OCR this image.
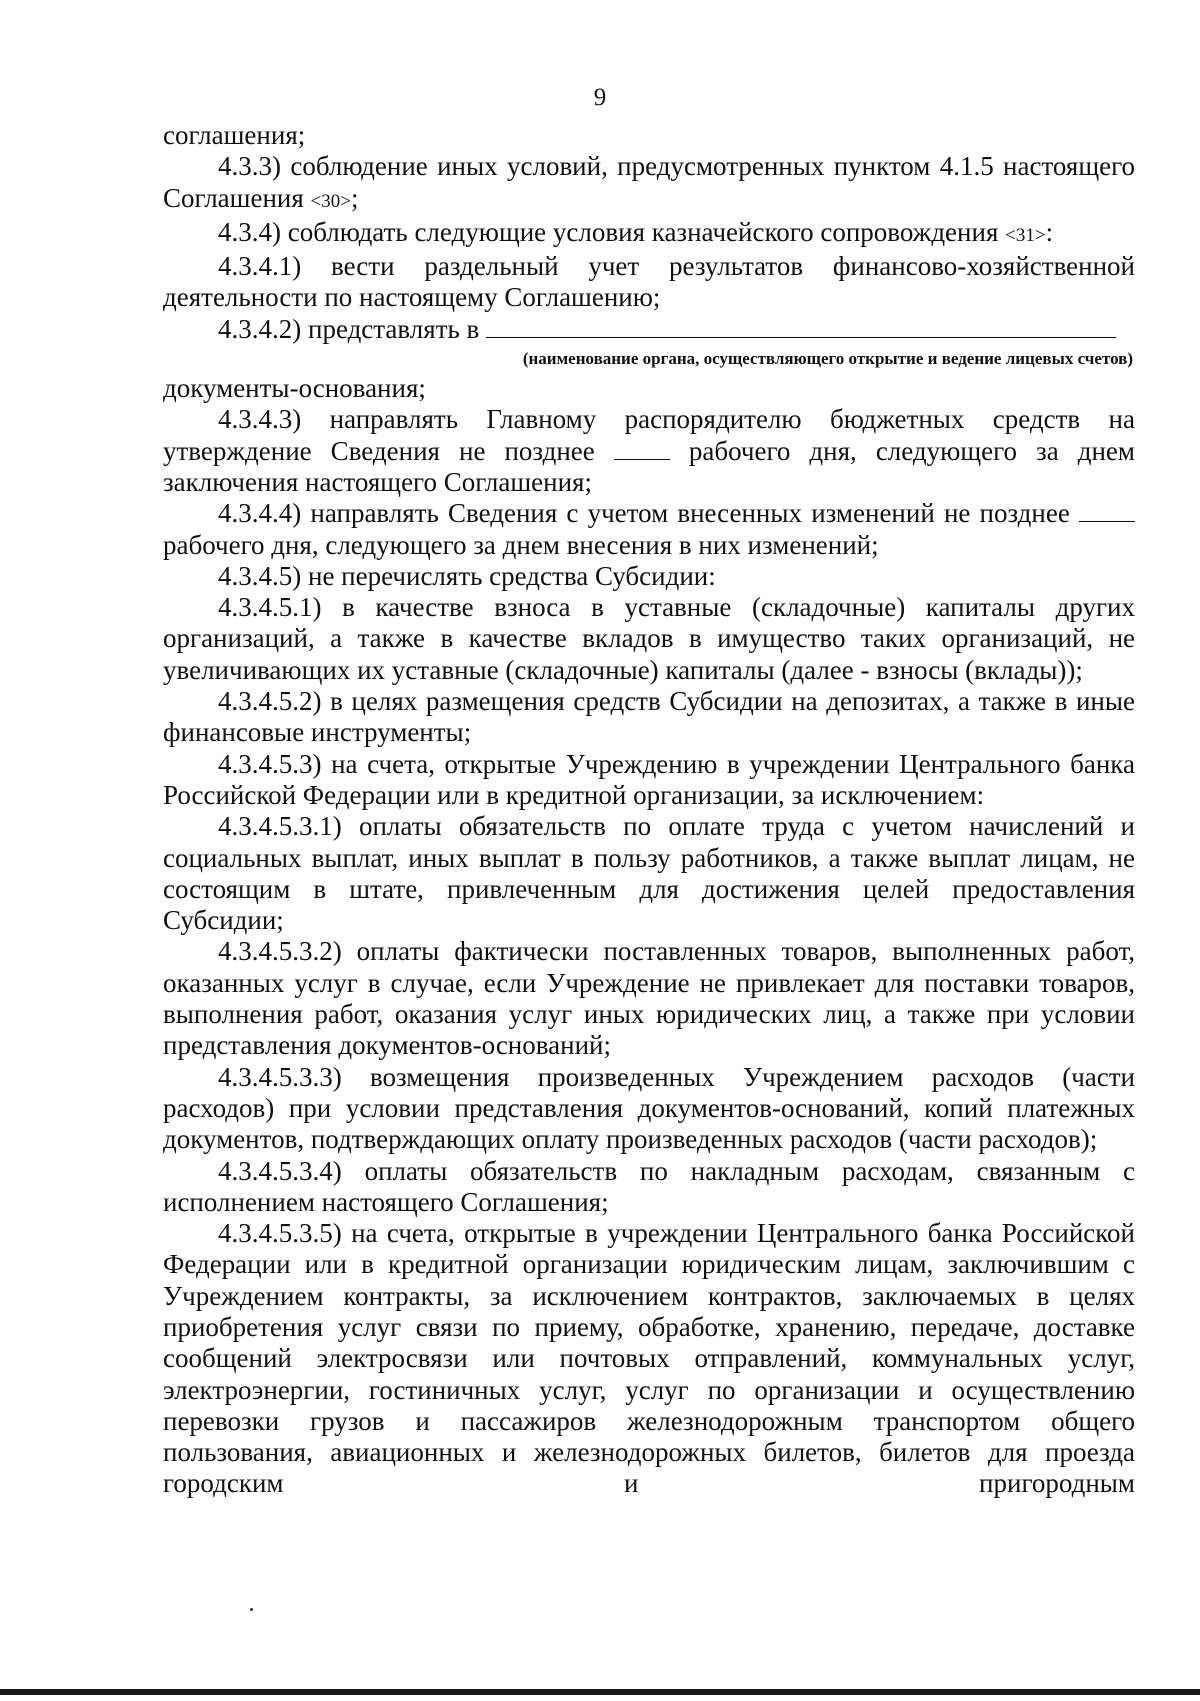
9

соглашения;

4.3.3) соблюдение иных условий, предусмотренных пунктом 4.1.5 настоящего Соглашения <30>;

4.3.4) соблюдать следующие условия казначейского сопровождения <31>:

4.3.4.1) вести раздельный учет результатов финансово-хозяйственной деятельности по настоящему Соглашению;

4.3.4.2) представлять в

(наименование органа, осуществляющего открытие и ведение лицевых счетов)

документы-основания;

4.3.4.3) направлять Главному распорядителю бюджетных средств на утверждение Сведения не позднее  рабочего дня, следующего за днем заключения настоящего Соглашения;

4.3.4.4) направлять Сведения с учетом внесенных изменений не позднее  рабочего дня, следующего за днем внесения в них изменений;

4.3.4.5) не перечислять средства Субсидии:

4.3.4.5.1) в качестве взноса в уставные (складочные) капиталы других организаций, а также в качестве вкладов в имущество таких организаций, не увеличивающих их уставные (складочные) капиталы (далее - взносы (вклады));

4.3.4.5.2) в целях размещения средств Субсидии на депозитах, а также в иные финансовые инструменты;

4.3.4.5.3) на счета, открытые Учреждению в учреждении Центрального банка Российской Федерации или в кредитной организации, за исключением:

4.3.4.5.3.1) оплаты обязательств по оплате труда с учетом начислений и социальных выплат, иных выплат в пользу работников, а также выплат лицам, не состоящим в штате, привлеченным для достижения целей предоставления Субсидии;

4.3.4.5.3.2) оплаты фактически поставленных товаров, выполненных работ, оказанных услуг в случае, если Учреждение не привлекает для поставки товаров, выполнения работ, оказания услуг иных юридических лиц, а также при условии представления документов-оснований;

4.3.4.5.3.3) возмещения произведенных Учреждением расходов (части расходов) при условии представления документов-оснований, копий платежных документов, подтверждающих оплату произведенных расходов (части расходов);

4.3.4.5.3.4) оплаты обязательств по накладным расходам, связанным с исполнением настоящего Соглашения;

4.3.4.5.3.5) на счета, открытые в учреждении Центрального банка Российской Федерации или в кредитной организации юридическим лицам, заключившим с Учреждением контракты, за исключением контрактов, заключаемых в целях приобретения услуг связи по приему, обработке, хранению, передаче, доставке сообщений электросвязи или почтовых отправлений, коммунальных услуг, электроэнергии, гостиничных услуг, услуг по организации и осуществлению перевозки грузов и пассажиров железнодорожным транспортом общего пользования, авиационных и железнодорожных билетов, билетов для проезда городским и пригородным
